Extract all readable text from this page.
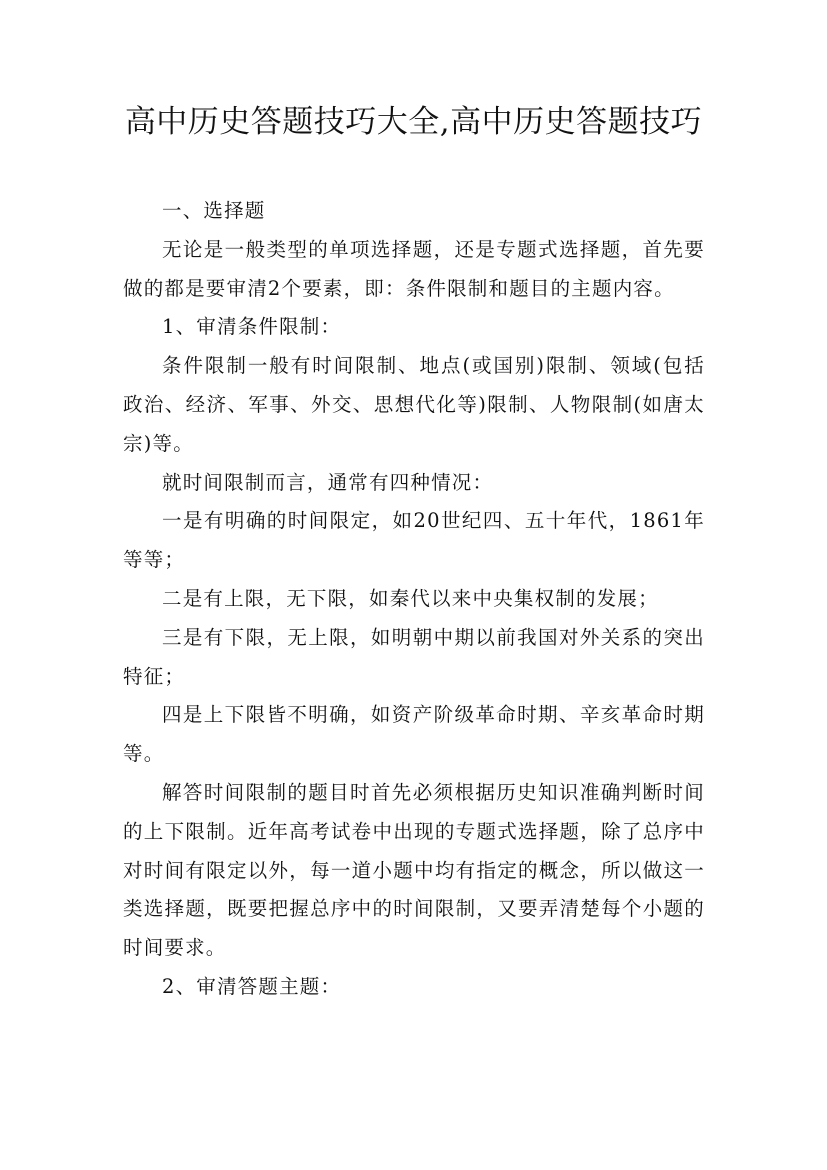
高中历史答题技巧大全,高中历史答题技巧

一、选择题

无论是一般类型的单项选择题，还是专题式选择题，首先要做的都是要审清2个要素，即：条件限制和题目的主题内容。

1、审清条件限制：

条件限制一般有时间限制、地点(或国别)限制、领域(包括政治、经济、军事、外交、思想代化等)限制、人物限制(如唐太宗)等。

就时间限制而言，通常有四种情况：

一是有明确的时间限定，如20世纪四、五十年代，1861年等等；

二是有上限，无下限，如秦代以来中央集权制的发展；

三是有下限，无上限，如明朝中期以前我国对外关系的突出特征；

四是上下限皆不明确，如资产阶级革命时期、辛亥革命时期等。

解答时间限制的题目时首先必须根据历史知识准确判断时间的上下限制。近年高考试卷中出现的专题式选择题，除了总序中对时间有限定以外，每一道小题中均有指定的概念，所以做这一类选择题，既要把握总序中的时间限制，又要弄清楚每个小题的时间要求。

2、审清答题主题：
